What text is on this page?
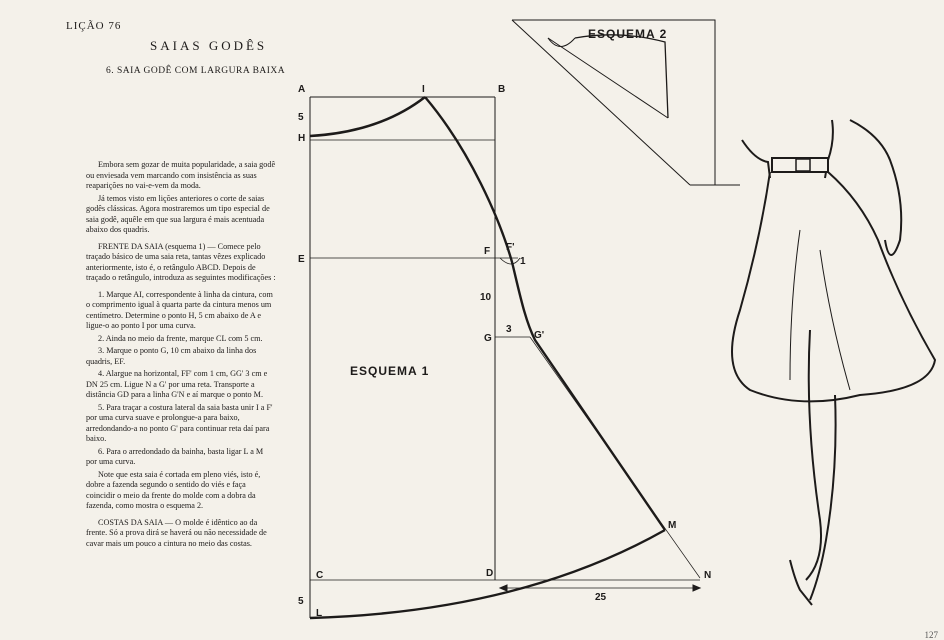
LIÇÃO 76
SAIAS GODÊS
6. SAIA GODÊ COM LARGURA BAIXA

Embora sem gozar de muita popularidade, a saia godê ou enviesada vem marcando com insistência as suas reaparições no vai-e-vem da moda.

Já temos visto em lições anteriores o corte de saias godês clássicas. Agora mostraremos um tipo especial de saia godê, aquêle em que sua largura é mais acentuada abaixo dos quadris.

FRENTE DA SAIA (esquema 1) — Comece pelo traçado básico de uma saia reta, tantas vêzes explicado anteriormente, isto é, o retângulo ABCD. Depois de traçado o retângulo, introduza as seguintes modificações :

1. Marque AI, correspondente à linha da cintura, com o comprimento igual à quarta parte da cintura menos um centímetro. Determine o ponto H, 5 cm abaixo de A e ligue-o ao ponto I por uma curva.

2. Ainda no meio da frente, marque CL com 5 cm.

3. Marque o ponto G, 10 cm abaixo da linha dos quadris, EF.

4. Alargue na horizontal, FF' com 1 cm, GG' 3 cm e DN 25 cm. Ligue N a G' por uma reta. Transporte a distância GD para a linha G'N e aí marque o ponto M.

5. Para traçar a costura lateral da saia basta unir I a F' por uma curva suave e prolongue-a para baixo, arredondando-a no ponto G' para continuar reta daí para baixo.

6. Para o arredondado da bainha, basta ligar L a M por uma curva.

Note que esta saia é cortada em pleno viés, isto é, dobre a fazenda segundo o sentido do viés e faça coincidir o meio da frente do molde com a dobra da fazenda, como mostra o esquema 2.

COSTAS DA SAIA — O molde é idêntico ao da frente. Só a prova dirá se haverá ou não necessidade de cavar mais um pouco a cintura no meio das costas.

ESQUEMA 2
A	I	B
H
5
E
F F'
1
10
G
3
G'
ESQUEMA 1
M
C	D	N
25
5
L
127
